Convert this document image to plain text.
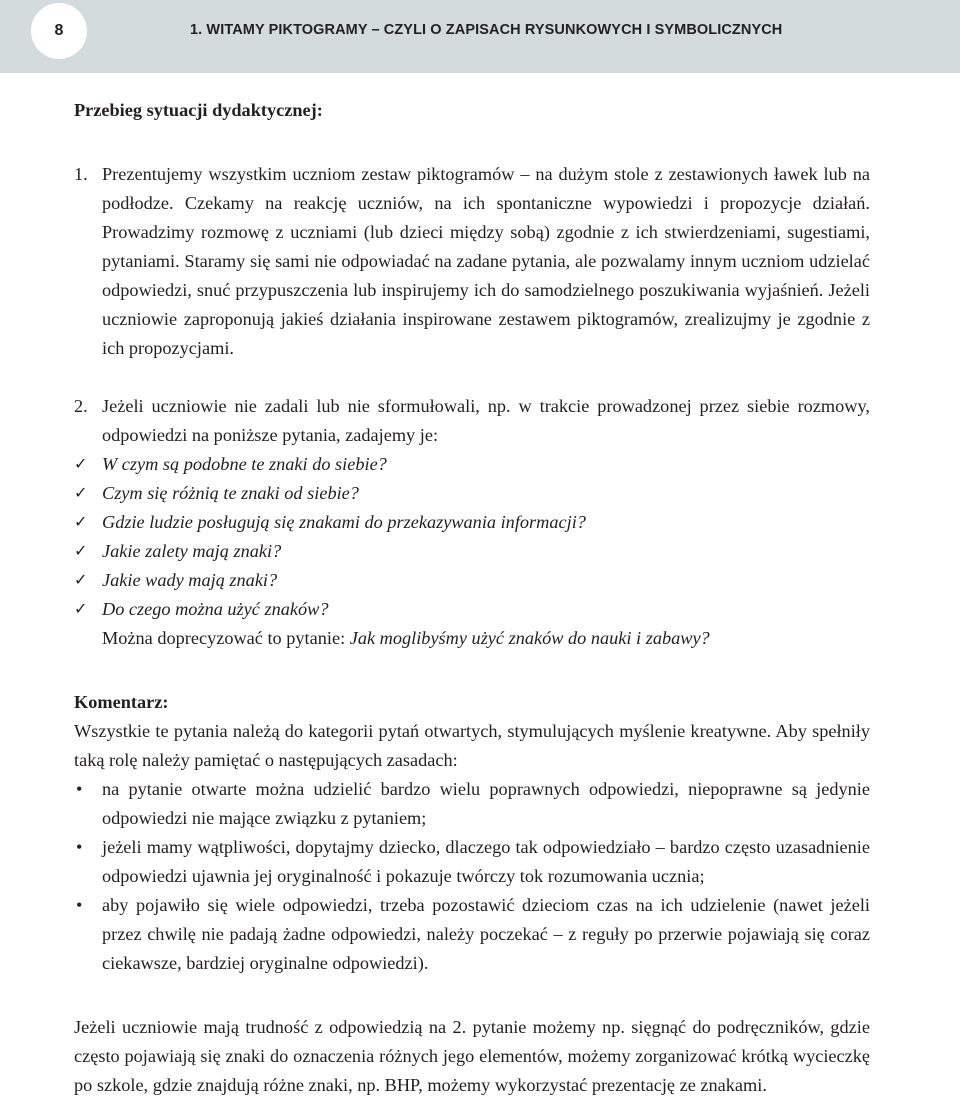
8	1. WITAMY PIKTOGRAMY – CZYLI O ZAPISACH RYSUNKOWYCH I SYMBOLICZNYCH

Przebieg sytuacji dydaktycznej:

1. Prezentujemy wszystkim uczniom zestaw piktogramów – na dużym stole z zestawionych ławek lub na podłodze. Czekamy na reakcję uczniów, na ich spontaniczne wypowiedzi i propozycje działań. Prowadzimy rozmowę z uczniami (lub dzieci między sobą) zgodnie z ich stwierdzeniami, sugestiami, pytaniami. Staramy się sami nie odpowiadać na zadane pytania, ale pozwalamy innym uczniom udzielać odpowiedzi, snuć przypuszczenia lub inspirujemy ich do samodzielnego poszukiwania wyjaśnień. Jeżeli uczniowie zaproponują jakieś działania inspirowane zestawem piktogramów, zrealizujmy je zgodnie z ich propozycjami.
2. Jeżeli uczniowie nie zadali lub nie sformułowali, np. w trakcie prowadzonej przez siebie rozmowy, odpowiedzi na poniższe pytania, zadajemy je:
✓ W czym są podobne te znaki do siebie?
✓ Czym się różnią te znaki od siebie?
✓ Gdzie ludzie posługują się znakami do przekazywania informacji?
✓ Jakie zalety mają znaki?
✓ Jakie wady mają znaki?
✓ Do czego można użyć znaków?
Można doprecyzować to pytanie: Jak moglibyśmy użyć znaków do nauki i zabawy?

Komentarz:

Wszystkie te pytania należą do kategorii pytań otwartych, stymulujących myślenie kreatywne. Aby spełniły taką rolę należy pamiętać o następujących zasadach:
• na pytanie otwarte można udzielić bardzo wielu poprawnych odpowiedzi, niepoprawne są jedynie odpowiedzi nie mające związku z pytaniem;
• jeżeli mamy wątpliwości, dopytajmy dziecko, dlaczego tak odpowiedziało – bardzo często uzasadnienie odpowiedzi ujawnia jej oryginalność i pokazuje twórczy tok rozumowania ucznia;
• aby pojawiło się wiele odpowiedzi, trzeba pozostawić dzieciom czas na ich udzielenie (nawet jeżeli przez chwilę nie padają żadne odpowiedzi, należy poczekać – z reguły po przerwie pojawiają się coraz ciekawsze, bardziej oryginalne odpowiedzi).
Jeżeli uczniowie mają trudność z odpowiedzią na 2. pytanie możemy np. sięgnąć do podręczników, gdzie często pojawiają się znaki do oznaczenia różnych jego elementów, możemy zorganizować krótką wycieczkę po szkole, gdzie znajdują różne znaki, np. BHP, możemy wykorzystać prezentację ze znakami.
